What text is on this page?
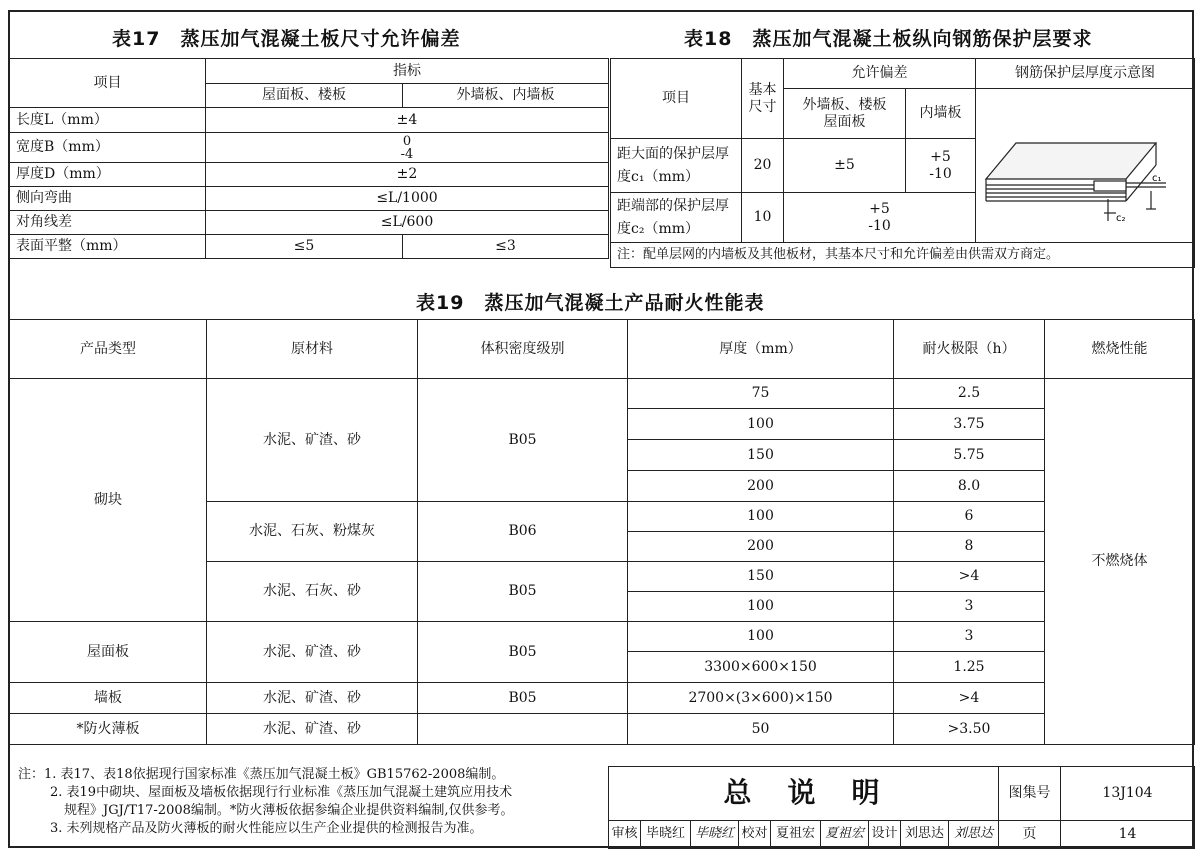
表17　蒸压加气混凝土板尺寸允许偏差
项目	指标	
	屋面板、楼板	外墙板、内墙板
长度L（mm）	±4	
宽度B（mm）	0
-4	
厚度D（mm）	±2	
侧向弯曲	≤L/1000	
对角线差	≤L/600	
表面平整（mm）	≤5	≤3
表18　蒸压加气混凝土板纵向钢筋保护层要求
项目	基本尺寸	允许偏差		钢筋保护层厚度示意图
		外墙板、楼板屋面板	内墙板	c₁
c₂

距大面的保护层厚度c₁（mm）	20	±5	+5
-10	
距端部的保护层厚度c₂（mm）	10	+5
-10		
注：配单层网的内墙板及其他板材，其基本尺寸和允许偏差由供需双方商定。				
表19　蒸压加气混凝土产品耐火性能表
产品类型	原材料	体积密度级别	厚度（mm）	耐火极限（h）	燃烧性能
砌块	水泥、矿渣、砂	B05	75	2.5	不燃烧体
			100	3.75	
			150	5.75	
			200	8.0	
	水泥、石灰、粉煤灰	B06	100	6	
			200	8	
	水泥、石灰、砂	B05	150	>4	
			100	3	
屋面板	水泥、矿渣、砂	B05	100	3	
			3300×600×150	1.25	
墙板	水泥、矿渣、砂	B05	2700×(3×600)×150	>4	
*防火薄板	水泥、矿渣、砂		50	>3.50	
注：1. 表17、表18依据现行国家标准《蒸压加气混凝土板》GB15762-2008编制。
2. 表19中砌块、屋面板及墙板依据现行行业标准《蒸压加气混凝土建筑应用技术
规程》JGJ/T17-2008编制。*防火薄板依据参编企业提供资料编制,仅供参考。
3. 未列规格产品及防火薄板的耐火性能应以生产企业提供的检测报告为准。
总　说　明									图集号	13J104
审核	毕晓红	毕晓红	校对	夏祖宏	夏祖宏	设计	刘思达	刘思达	页	14
